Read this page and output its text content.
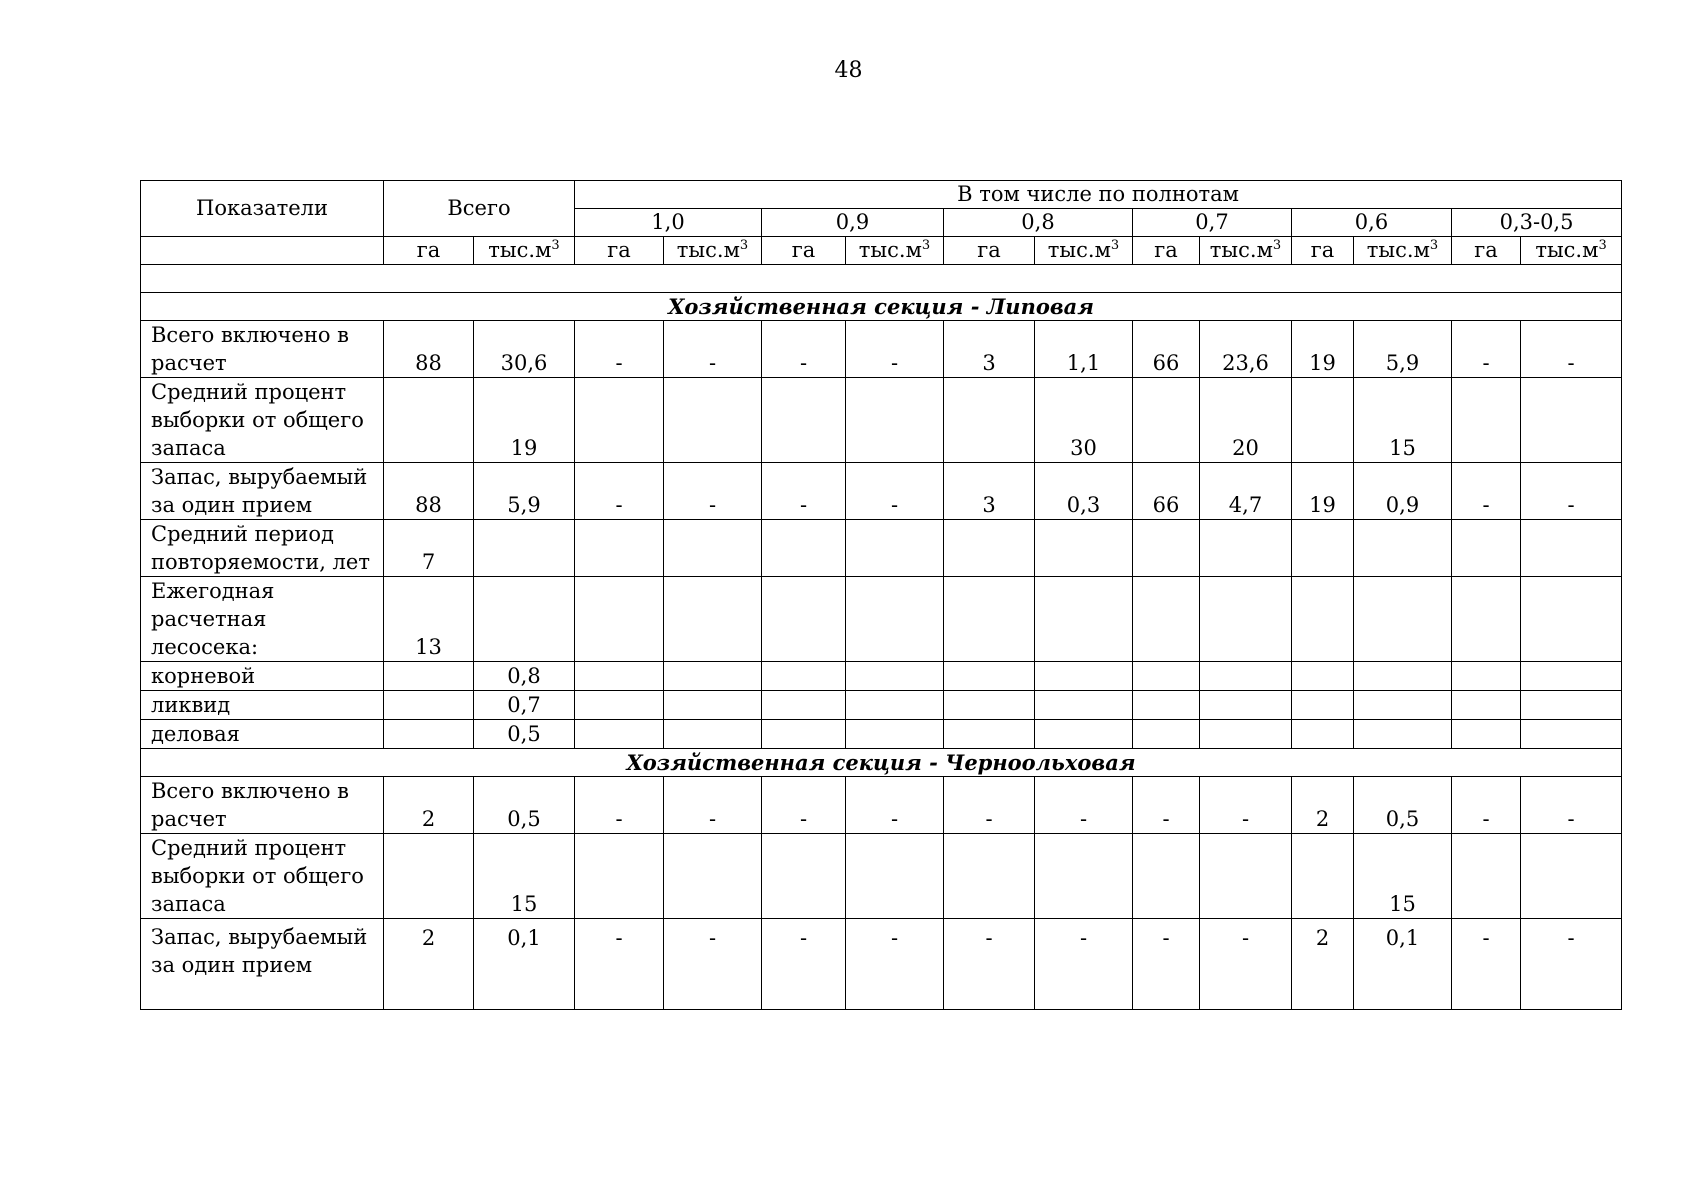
48
Показатели	Всего		В том числе по полнотам											
			1,0		0,9		0,8		0,7		0,6		0,3-0,5	
	га	$тыс.м^3$	га	$тыс.м^3$	га	$тыс.м^3$	га	$тыс.м^3$	га	$тыс.м^3$	га	$тыс.м^3$	га	$тыс.м^3$

Хозяйственная секция - Липовая														
Всего включено в расчет	88	30,6	-	-	-	-	3	1,1	66	23,6	19	5,9	-	-
Средний процент выборки от общего запаса		19						30		20		15		
Запас, вырубаемый за один прием	88	5,9	-	-	-	-	3	0,3	66	4,7	19	0,9	-	-
Средний период повторяемости, лет	7													
Ежегодная расчетная лесосека:	13													
корневой		0,8												
ликвид		0,7												
деловая		0,5												
Хозяйственная секция - Черноольховая														
Всего включено в расчет	2	0,5	-	-	-	-	-	-	-	-	2	0,5	-	-
Средний процент выборки от общего запаса		15										15		
Запас, вырубаемый за один прием	2	0,1	-	-	-	-	-	-	-	-	2	0,1	-	-
